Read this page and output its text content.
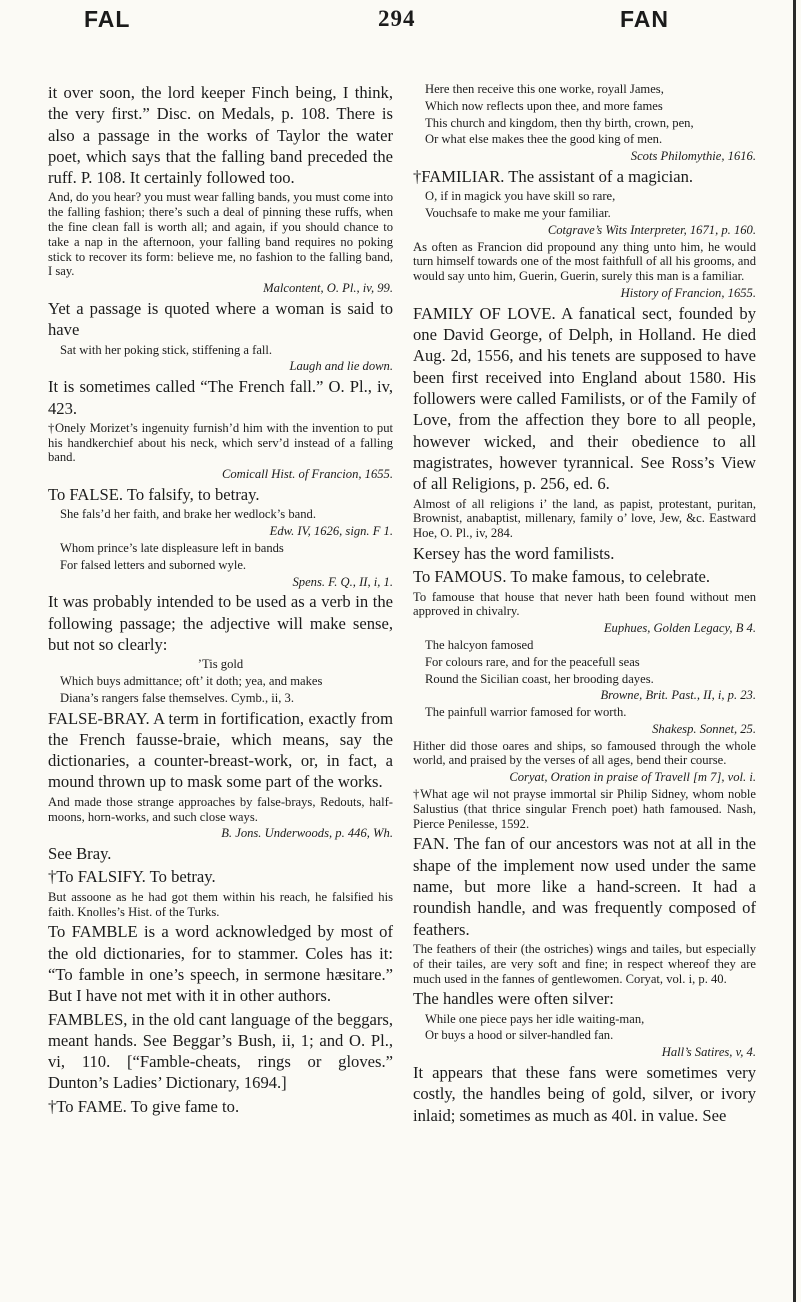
FAL	294	FAN

it over soon, the lord keeper Finch being, I think, the very first.” Disc. on Medals, p. 108. There is also a passage in the works of Taylor the water poet, which says that the falling band preceded the ruff. P. 108. It certainly followed too.

And, do you hear? you must wear falling bands, you must come into the falling fashion; there’s such a deal of pinning these ruffs, when the fine clean fall is worth all; and again, if you should chance to take a nap in the afternoon, your falling band requires no poking stick to recover its form: believe me, no fashion to the falling band, I say.

Malcontent, O. Pl., iv, 99.

Yet a passage is quoted where a woman is said to have

Sat with her poking stick, stiffening a fall.

Laugh and lie down.

It is sometimes called “The French fall.” O. Pl., iv, 423.

†Onely Morizet’s ingenuity furnish’d him with the invention to put his handkerchief about his neck, which serv’d instead of a falling band.

Comicall Hist. of Francion, 1655.

To FALSE. To falsify, to betray.

She fals’d her faith, and brake her wedlock’s band.

Edw. IV, 1626, sign. F 1.

Whom prince’s late displeasure left in bands

For falsed letters and suborned wyle.

Spens. F. Q., II, i, 1.

It was probably intended to be used as a verb in the following passage; the adjective will make sense, but not so clearly:

’Tis gold

Which buys admittance; oft’ it doth; yea, and makes

Diana’s rangers false themselves. Cymb., ii, 3.

FALSE-BRAY. A term in fortification, exactly from the French fausse-braie, which means, say the dictionaries, a counter-breast-work, or, in fact, a mound thrown up to mask some part of the works.

And made those strange approaches by false-brays, Redouts, half-moons, horn-works, and such close ways.

B. Jons. Underwoods, p. 446, Wh.

See Bray.

†To FALSIFY. To betray.

But assoone as he had got them within his reach, he falsified his faith. Knolles’s Hist. of the Turks.

To FAMBLE is a word acknowledged by most of the old dictionaries, for to stammer. Coles has it: “To famble in one’s speech, in sermone hæsitare.” But I have not met with it in other authors.

FAMBLES, in the old cant language of the beggars, meant hands. See Beggar’s Bush, ii, 1; and O. Pl., vi, 110. [“Famble-cheats, rings or gloves.” Dunton’s Ladies’ Dictionary, 1694.]

†To FAME. To give fame to.

Here then receive this one worke, royall James,

Which now reflects upon thee, and more fames

This church and kingdom, then thy birth, crown, pen,

Or what else makes thee the good king of men.

Scots Philomythie, 1616.

†FAMILIAR. The assistant of a magician.

O, if in magick you have skill so rare,

Vouchsafe to make me your familiar.

Cotgrave’s Wits Interpreter, 1671, p. 160.

As often as Francion did propound any thing unto him, he would turn himself towards one of the most faithfull of all his grooms, and would say unto him, Guerin, Guerin, surely this man is a familiar.

History of Francion, 1655.

FAMILY OF LOVE. A fanatical sect, founded by one David George, of Delph, in Holland. He died Aug. 2d, 1556, and his tenets are supposed to have been first received into England about 1580. His followers were called Familists, or of the Family of Love, from the affection they bore to all people, however wicked, and their obedience to all magistrates, however tyrannical. See Ross’s View of all Religions, p. 256, ed. 6.

Almost of all religions i’ the land, as papist, protestant, puritan, Brownist, anabaptist, millenary, family o’ love, Jew, &c. Eastward Hoe, O. Pl., iv, 284.

Kersey has the word familists.

To FAMOUS. To make famous, to celebrate.

To famouse that house that never hath been found without men approved in chivalry.

Euphues, Golden Legacy, B 4.

The halcyon famosed

For colours rare, and for the peacefull seas

Round the Sicilian coast, her brooding dayes.

Browne, Brit. Past., II, i, p. 23.

The painfull warrior famosed for worth.

Shakesp. Sonnet, 25.

Hither did those oares and ships, so famoused through the whole world, and praised by the verses of all ages, bend their course.

Coryat, Oration in praise of Travell [m 7], vol. i.

†What age wil not prayse immortal sir Philip Sidney, whom noble Salustius (that thrice singular French poet) hath famoused. Nash, Pierce Penilesse, 1592.

FAN. The fan of our ancestors was not at all in the shape of the implement now used under the same name, but more like a hand-screen. It had a roundish handle, and was frequently composed of feathers.

The feathers of their (the ostriches) wings and tailes, but especially of their tailes, are very soft and fine; in respect whereof they are much used in the fannes of gentlewomen. Coryat, vol. i, p. 40.

The handles were often silver:

While one piece pays her idle waiting-man,

Or buys a hood or silver-handled fan.

Hall’s Satires, v, 4.

It appears that these fans were sometimes very costly, the handles being of gold, silver, or ivory inlaid; sometimes as much as 40l. in value. See
